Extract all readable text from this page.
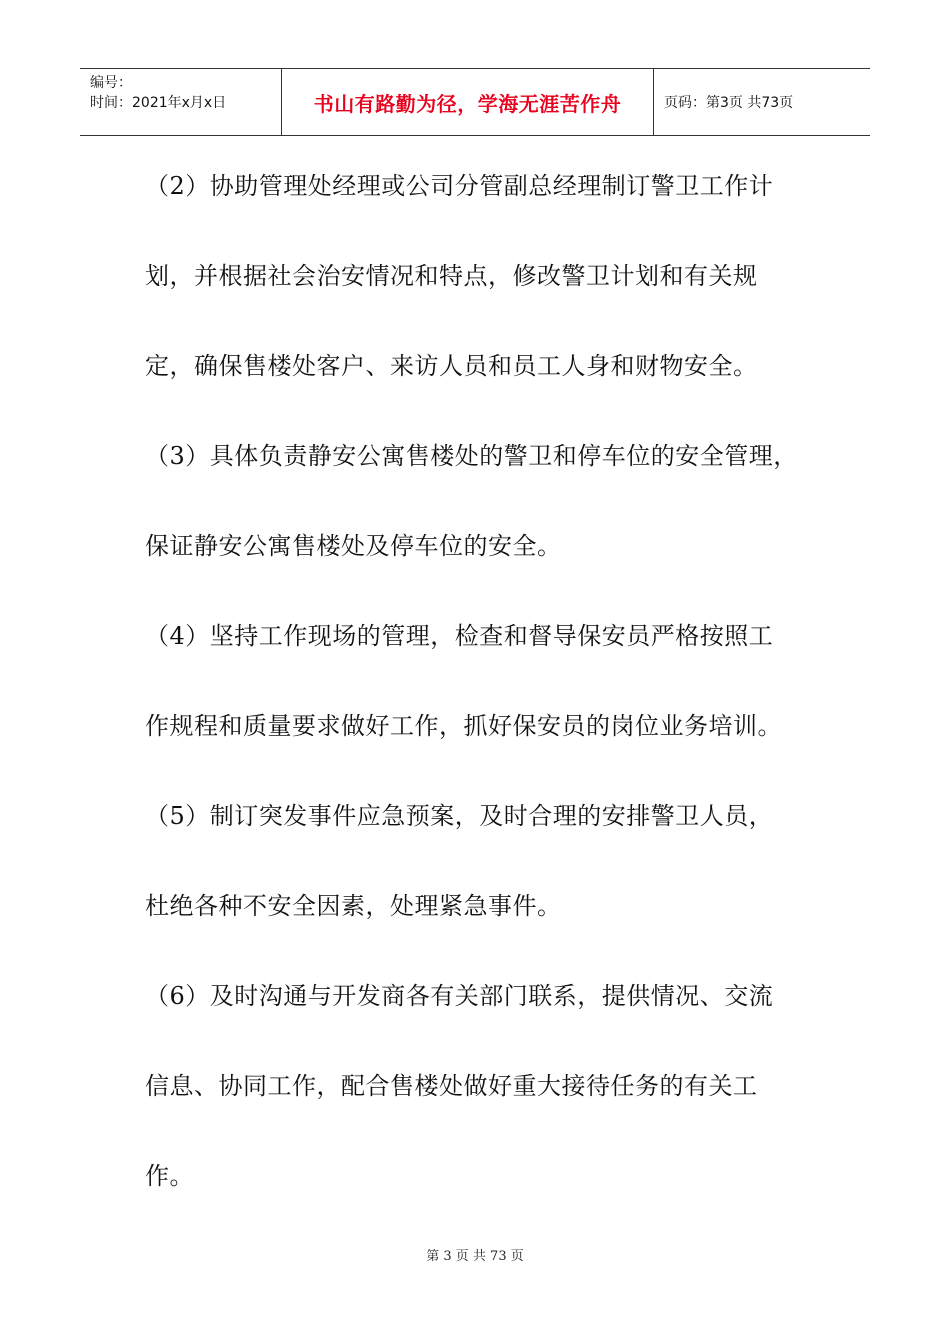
编号：
时间：2021年x月x日	书山有路勤为径，学海无涯苦作舟	页码：第3页 共73页
（2）协助管理处经理或公司分管副总经理制订警卫工作计
划，并根据社会治安情况和特点，修改警卫计划和有关规
定，确保售楼处客户、来访人员和员工人身和财物安全。
（3）具体负责静安公寓售楼处的警卫和停车位的安全管理，
保证静安公寓售楼处及停车位的安全。
（4）坚持工作现场的管理，检查和督导保安员严格按照工
作规程和质量要求做好工作，抓好保安员的岗位业务培训。
（5）制订突发事件应急预案，及时合理的安排警卫人员，
杜绝各种不安全因素，处理紧急事件。
（6）及时沟通与开发商各有关部门联系，提供情况、交流
信息、协同工作，配合售楼处做好重大接待任务的有关工
作。
第 3 页 共 73 页
